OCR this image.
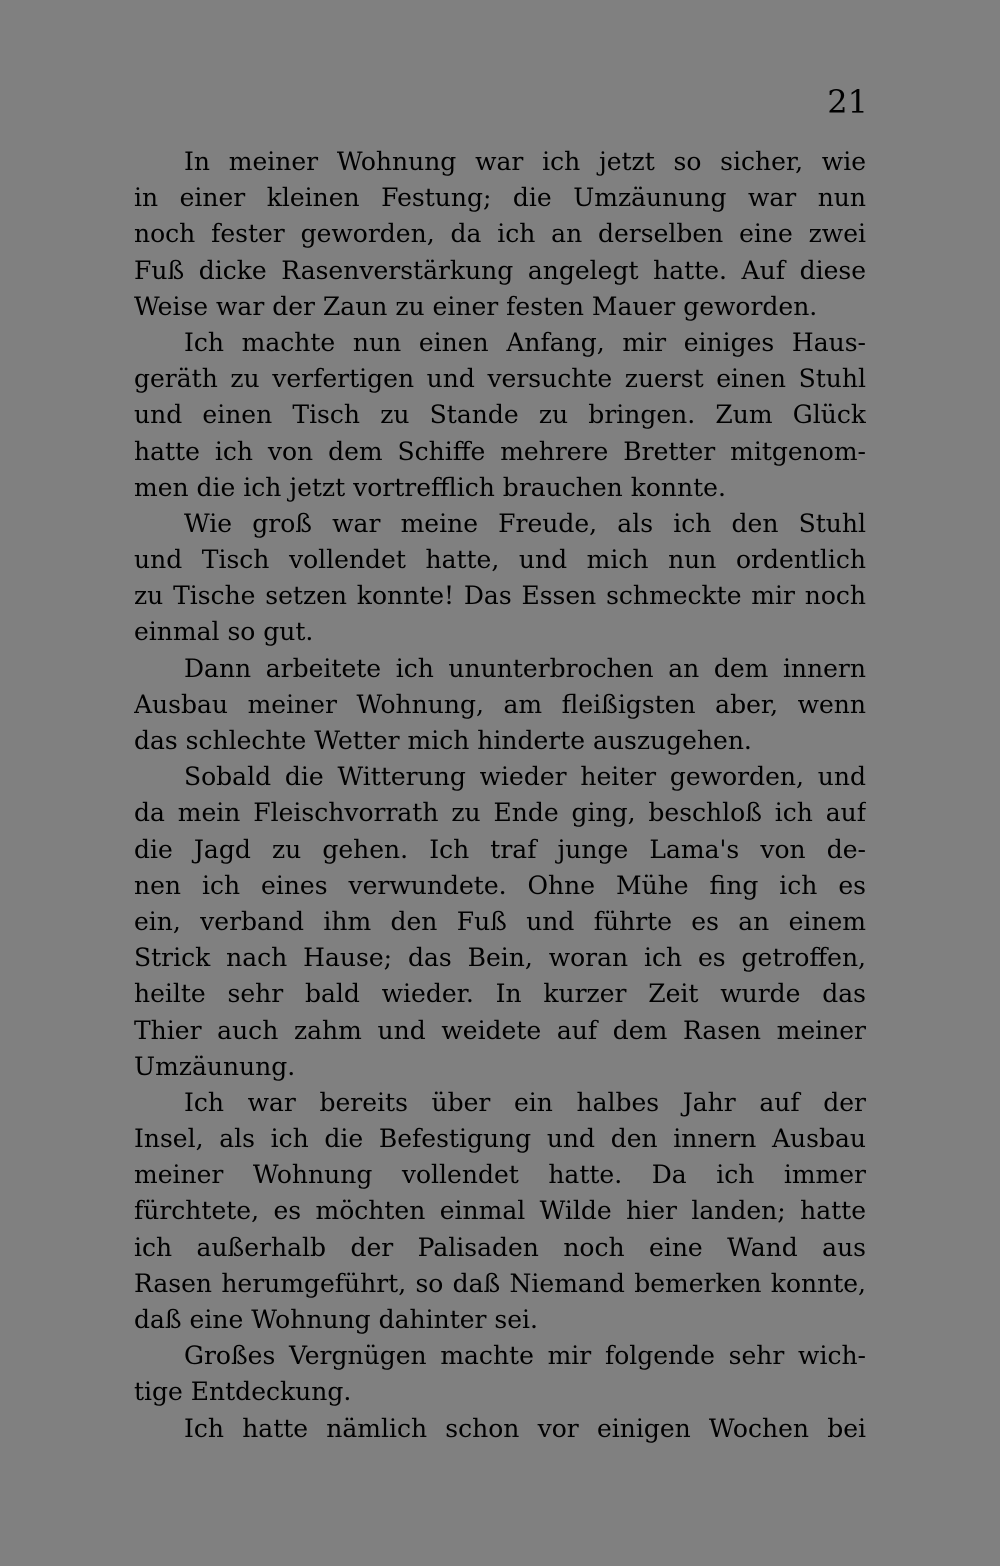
21
In meiner Wohnung war ich jetzt so sicher, wie
in einer kleinen Festung; die Umzäunung war nun
noch fester geworden, da ich an derselben eine zwei
Fuß dicke Rasenverstärkung angelegt hatte. Auf diese
Weise war der Zaun zu einer festen Mauer geworden.
Ich machte nun einen Anfang, mir einiges Haus-
geräth zu verfertigen und versuchte zuerst einen Stuhl
und einen Tisch zu Stande zu bringen. Zum Glück
hatte ich von dem Schiffe mehrere Bretter mitgenom-
men die ich jetzt vortrefflich brauchen konnte.
Wie groß war meine Freude, als ich den Stuhl
und Tisch vollendet hatte, und mich nun ordentlich
zu Tische setzen konnte! Das Essen schmeckte mir noch
einmal so gut.
Dann arbeitete ich ununterbrochen an dem innern
Ausbau meiner Wohnung, am fleißigsten aber, wenn
das schlechte Wetter mich hinderte auszugehen.
Sobald die Witterung wieder heiter geworden, und
da mein Fleischvorrath zu Ende ging, beschloß ich auf
die Jagd zu gehen. Ich traf junge Lama's von de-
nen ich eines verwundete. Ohne Mühe fing ich es
ein, verband ihm den Fuß und führte es an einem
Strick nach Hause; das Bein, woran ich es getroffen,
heilte sehr bald wieder. In kurzer Zeit wurde das
Thier auch zahm und weidete auf dem Rasen meiner
Umzäunung.
Ich war bereits über ein halbes Jahr auf der
Insel, als ich die Befestigung und den innern Ausbau
meiner Wohnung vollendet hatte. Da ich immer
fürchtete, es möchten einmal Wilde hier landen; hatte
ich außerhalb der Palisaden noch eine Wand aus
Rasen herumgeführt, so daß Niemand bemerken konnte,
daß eine Wohnung dahinter sei.
Großes Vergnügen machte mir folgende sehr wich-
tige Entdeckung.
Ich hatte nämlich schon vor einigen Wochen bei
